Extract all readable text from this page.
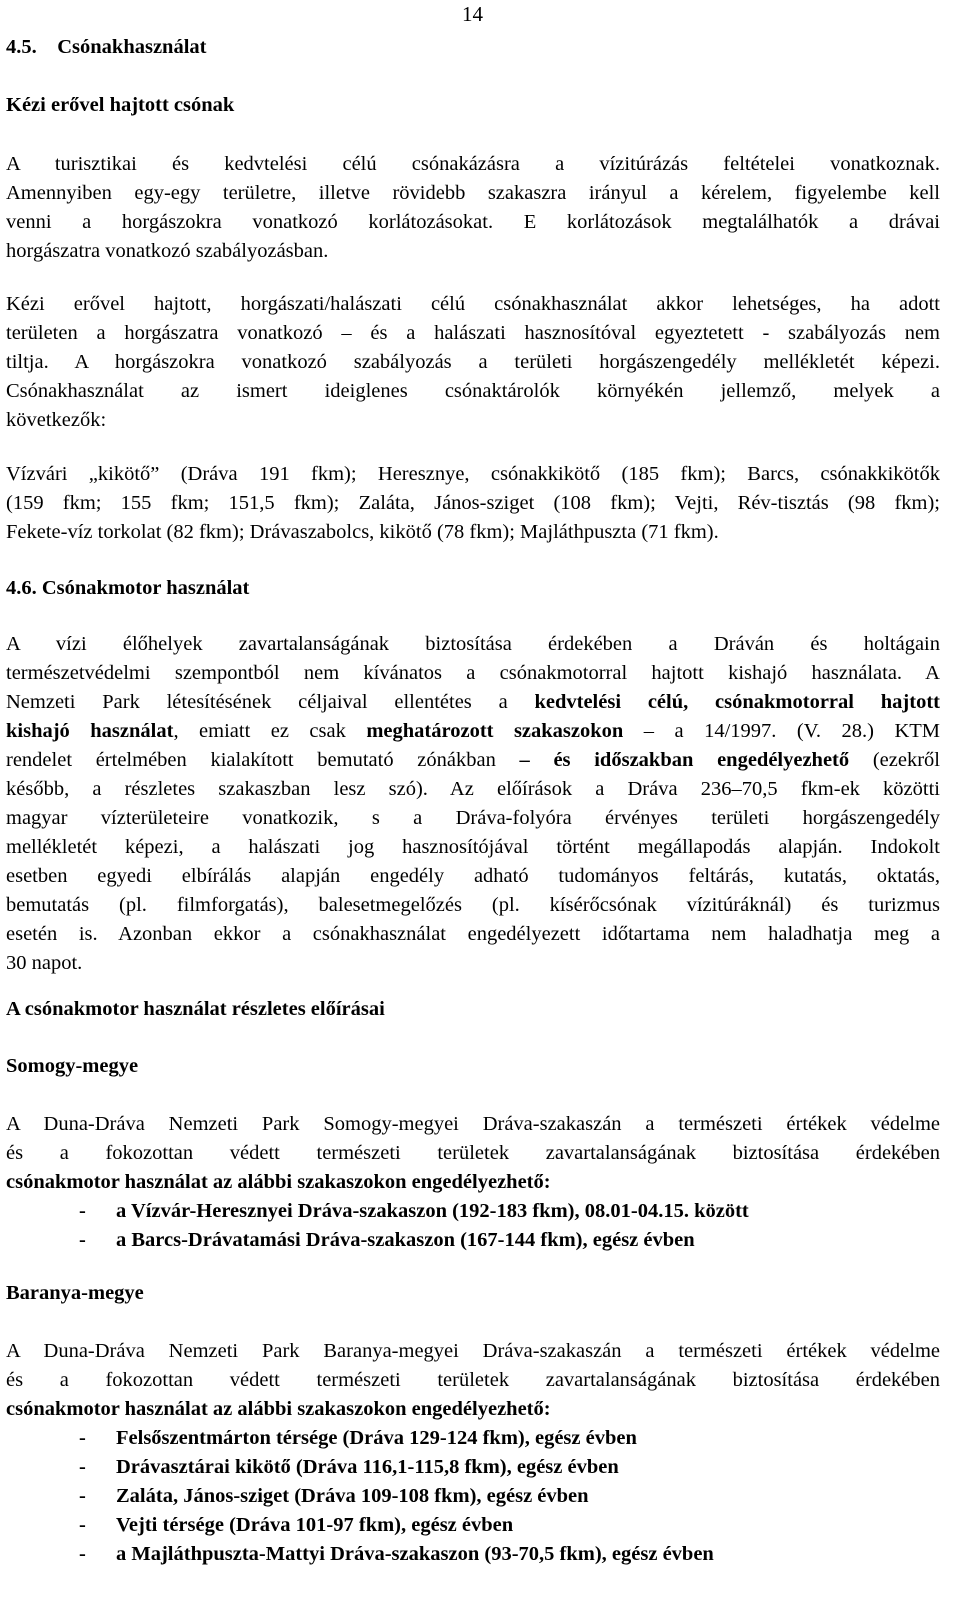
14
4.5.    Csónakhasználat
Kézi erővel hajtott csónak
A turisztikai és kedvtelési célú csónakázásra a vízitúrázás feltételei vonatkoznak.
Amennyiben egy-egy területre, illetve rövidebb szakaszra irányul a kérelem, figyelembe kell
venni a horgászokra vonatkozó korlátozásokat. E korlátozások megtalálhatók a drávai
horgászatra vonatkozó szabályozásban.
Kézi erővel hajtott, horgászati/halászati célú csónakhasználat akkor lehetséges, ha adott
területen a horgászatra vonatkozó – és a halászati hasznosítóval egyeztetett - szabályozás nem
tiltja. A horgászokra vonatkozó szabályozás a területi horgászengedély mellékletét képezi.
Csónakhasználat az ismert ideiglenes csónaktárolók környékén jellemző, melyek a
következők:
Vízvári „kikötő” (Dráva 191 fkm); Heresznye, csónakkikötő (185 fkm); Barcs, csónakkikötők
(159 fkm; 155 fkm; 151,5 fkm); Zaláta, János-sziget (108 fkm); Vejti, Rév-tisztás (98 fkm);
Fekete-víz torkolat (82 fkm); Drávaszabolcs, kikötő (78 fkm); Majláthpuszta (71 fkm).
4.6. Csónakmotor használat
A vízi élőhelyek zavartalanságának biztosítása érdekében a Dráván és holtágain
természetvédelmi szempontból nem kívánatos a csónakmotorral hajtott kishajó használata. A
Nemzeti Park létesítésének céljaival ellentétes a kedvtelési célú, csónakmotorral hajtott
kishajó használat, emiatt ez csak meghatározott szakaszokon – a 14/1997. (V. 28.) KTM
rendelet értelmében kialakított bemutató zónákban – és időszakban engedélyezhető (ezekről
később, a részletes szakaszban lesz szó). Az előírások a Dráva 236–70,5 fkm-ek közötti
magyar vízterületeire vonatkozik, s a Dráva-folyóra érvényes területi horgászengedély
mellékletét képezi, a halászati jog hasznosítójával történt megállapodás alapján. Indokolt
esetben egyedi elbírálás alapján engedély adható tudományos feltárás, kutatás, oktatás,
bemutatás (pl. filmforgatás), balesetmegelőzés (pl. kísérőcsónak vízitúráknál) és turizmus
esetén is. Azonban ekkor a csónakhasználat engedélyezett időtartama nem haladhatja meg a
30 napot.
A csónakmotor használat részletes előírásai
Somogy-megye
A Duna-Dráva Nemzeti Park Somogy-megyei Dráva-szakaszán a természeti értékek védelme
és a fokozottan védett természeti területek zavartalanságának biztosítása érdekében
csónakmotor használat az alábbi szakaszokon engedélyezhető:
- a Vízvár-Heresznyei Dráva-szakaszon (192-183 fkm), 08.01-04.15. között
- a Barcs-Drávatamási Dráva-szakaszon (167-144 fkm), egész évben
Baranya-megye
A Duna-Dráva Nemzeti Park Baranya-megyei Dráva-szakaszán a természeti értékek védelme
és a fokozottan védett természeti területek zavartalanságának biztosítása érdekében
csónakmotor használat az alábbi szakaszokon engedélyezhető:
- Felsőszentmárton térsége (Dráva 129-124 fkm), egész évben
- Drávasztárai kikötő (Dráva 116,1-115,8 fkm), egész évben
- Zaláta, János-sziget (Dráva 109-108 fkm), egész évben
- Vejti térsége (Dráva 101-97 fkm), egész évben
- a Majláthpuszta-Mattyi Dráva-szakaszon (93-70,5 fkm), egész évben
